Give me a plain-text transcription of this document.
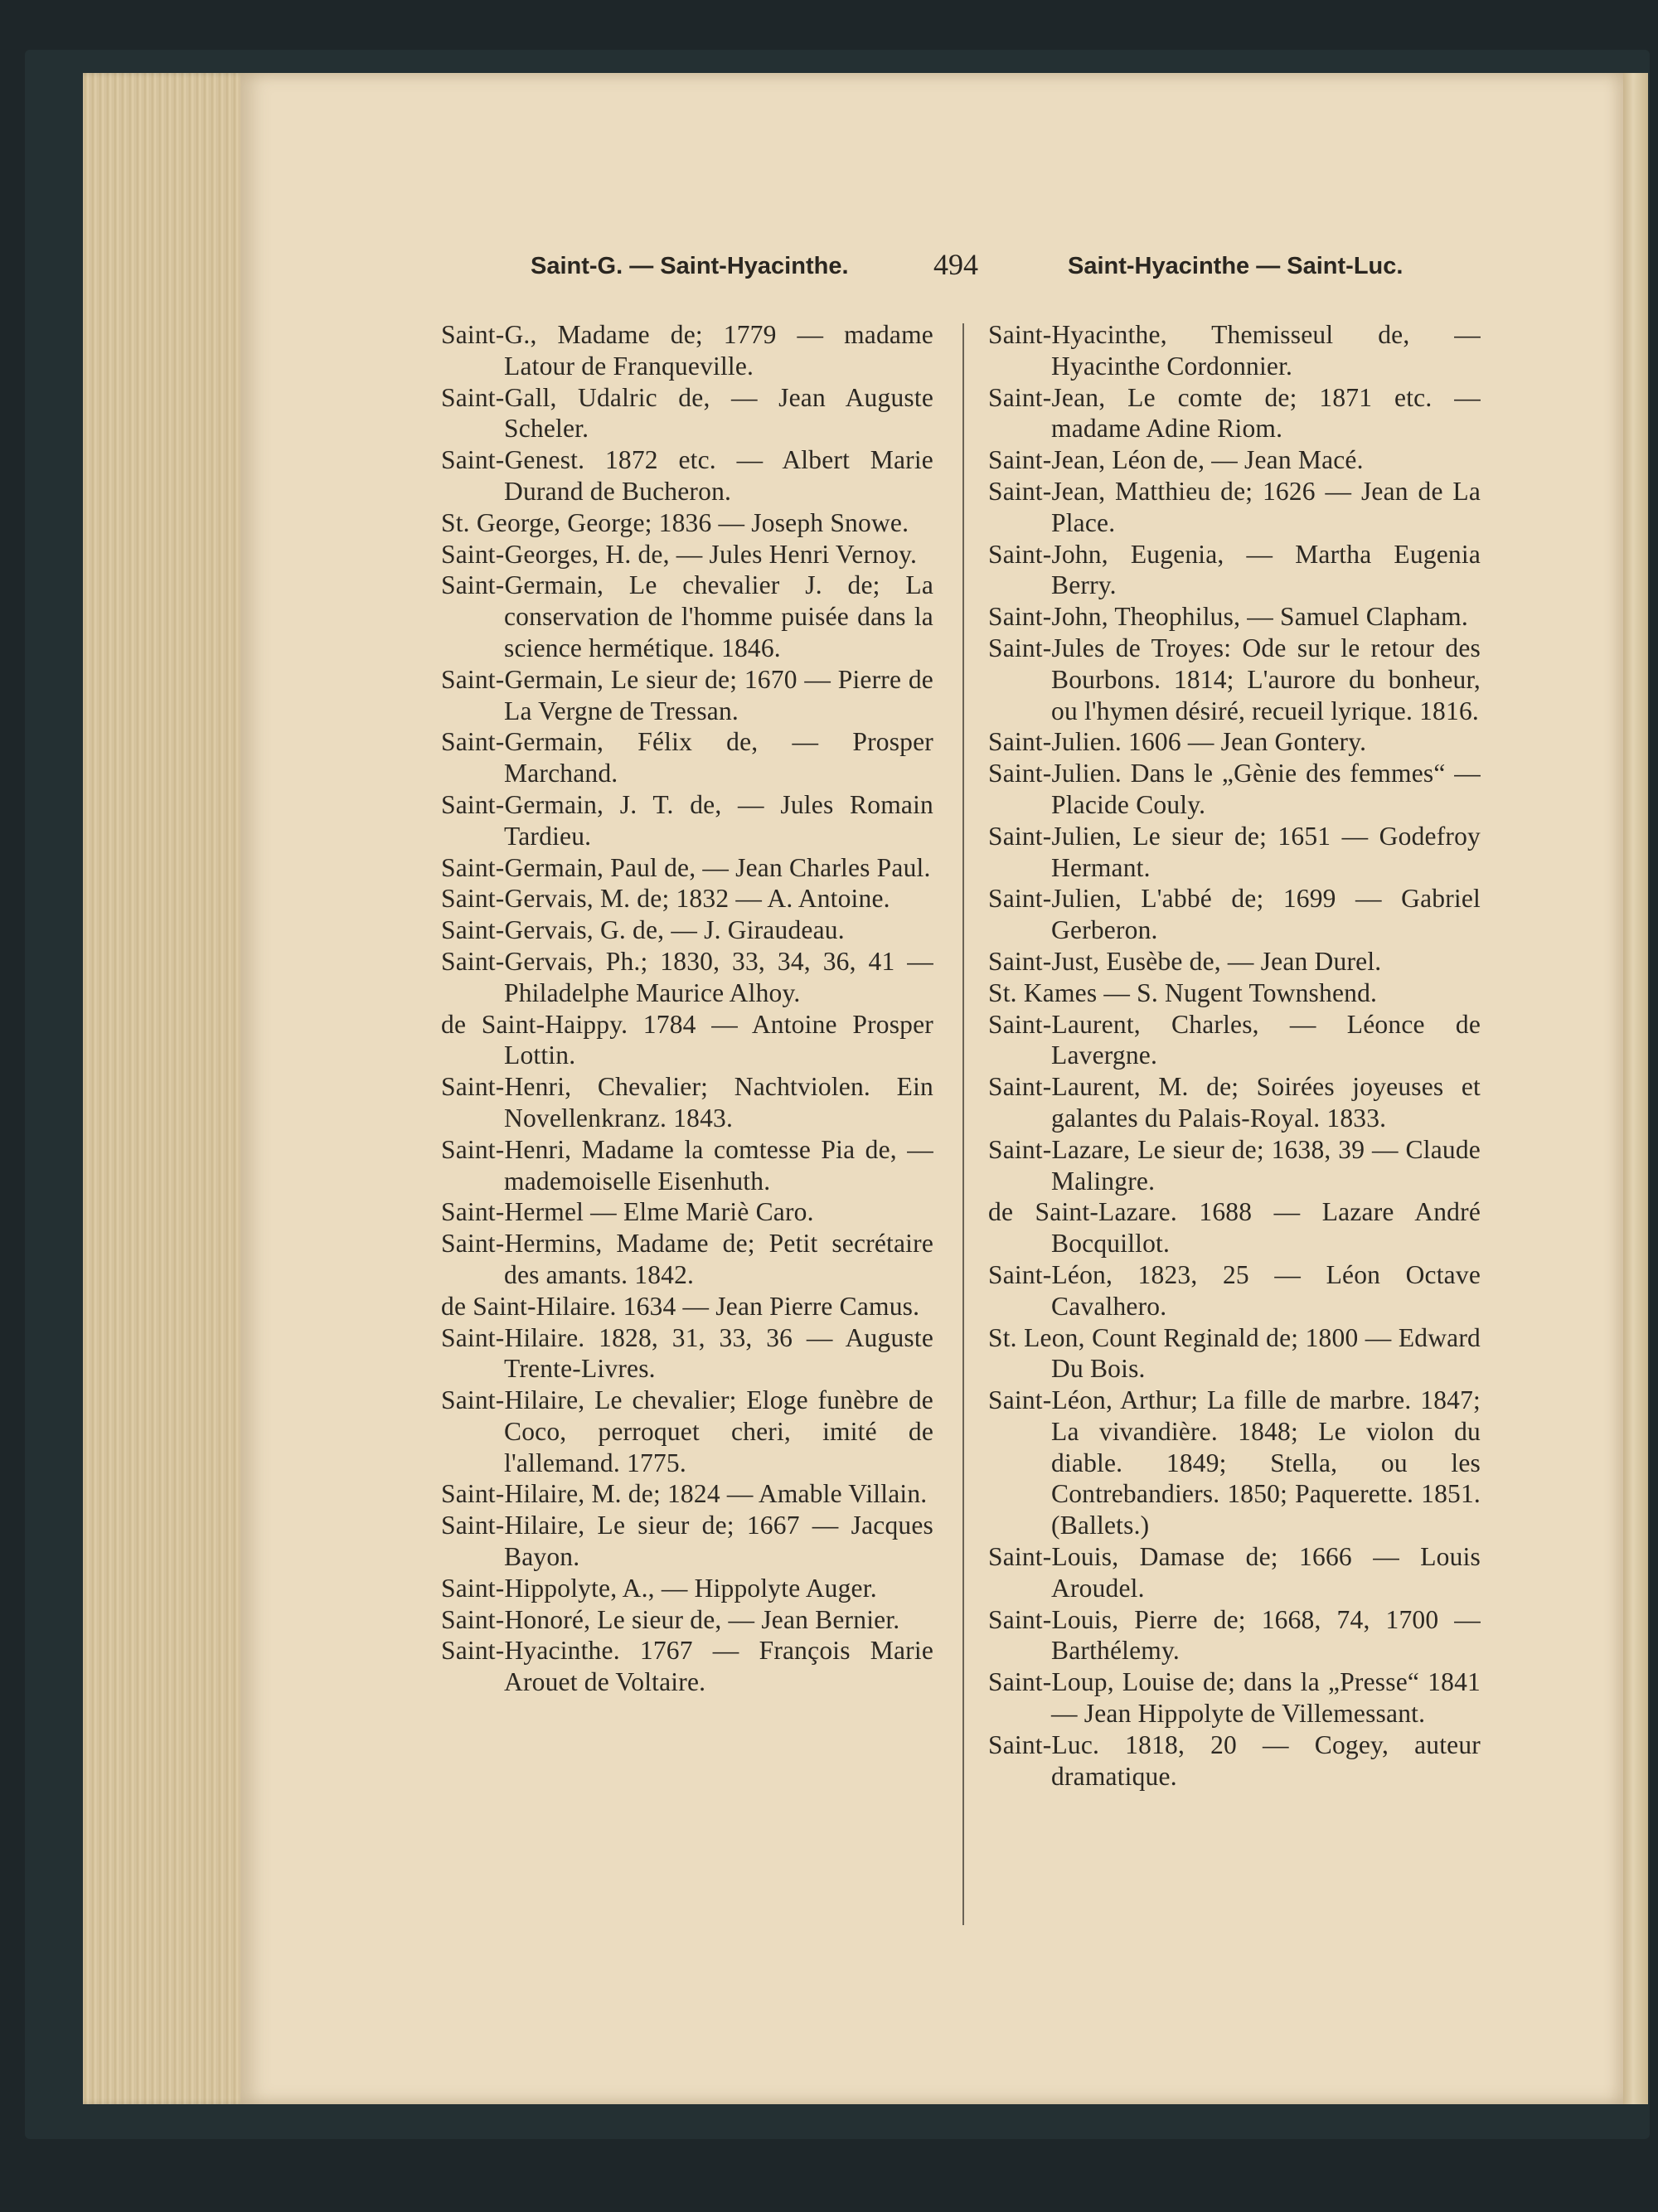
Saint-G. — Saint-Hyacinthe.	494	Saint-Hyacinthe — Saint-Luc.

Saint-G., Madame de; 1779 — madame Latour de Franqueville.

Saint-Gall, Udalric de, — Jean Auguste Scheler.

Saint-Genest. 1872 etc. — Albert Marie Durand de Bucheron.

St. George, George; 1836 — Joseph Snowe.

Saint-Georges, H. de, — Jules Henri Vernoy.

Saint-Germain, Le chevalier J. de; La conservation de l'homme puisée dans la science hermétique. 1846.

Saint-Germain, Le sieur de; 1670 — Pierre de La Vergne de Tressan.

Saint-Germain, Félix de, — Prosper Marchand.

Saint-Germain, J. T. de, — Jules Romain Tardieu.

Saint-Germain, Paul de, — Jean Charles Paul.

Saint-Gervais, M. de; 1832 — A. Antoine.

Saint-Gervais, G. de, — J. Giraudeau.

Saint-Gervais, Ph.; 1830, 33, 34, 36, 41 — Philadelphe Maurice Alhoy.

de Saint-Haippy. 1784 — Antoine Prosper Lottin.

Saint-Henri, Chevalier; Nachtviolen. Ein Novellenkranz. 1843.

Saint-Henri, Madame la comtesse Pia de, — mademoiselle Eisenhuth.

Saint-Hermel — Elme Mariè Caro.

Saint-Hermins, Madame de; Petit secrétaire des amants. 1842.

de Saint-Hilaire. 1634 — Jean Pierre Camus.

Saint-Hilaire. 1828, 31, 33, 36 — Auguste Trente-Livres.

Saint-Hilaire, Le chevalier; Eloge funèbre de Coco, perroquet cheri, imité de l'allemand. 1775.

Saint-Hilaire, M. de; 1824 — Amable Villain.

Saint-Hilaire, Le sieur de; 1667 — Jacques Bayon.

Saint-Hippolyte, A., — Hippolyte Auger.

Saint-Honoré, Le sieur de, — Jean Bernier.

Saint-Hyacinthe. 1767 — François Marie Arouet de Voltaire.

Saint-Hyacinthe, Themisseul de, — Hyacinthe Cordonnier.

Saint-Jean, Le comte de; 1871 etc. — madame Adine Riom.

Saint-Jean, Léon de, — Jean Macé.

Saint-Jean, Matthieu de; 1626 — Jean de La Place.

Saint-John, Eugenia, — Martha Eugenia Berry.

Saint-John, Theophilus, — Samuel Clapham.

Saint-Jules de Troyes: Ode sur le retour des Bourbons. 1814; L'aurore du bonheur, ou l'hymen désiré, recueil lyrique. 1816.

Saint-Julien. 1606 — Jean Gontery.

Saint-Julien. Dans le „Gènie des femmes“ — Placide Couly.

Saint-Julien, Le sieur de; 1651 — Godefroy Hermant.

Saint-Julien, L'abbé de; 1699 — Gabriel Gerberon.

Saint-Just, Eusèbe de, — Jean Durel.

St. Kames — S. Nugent Townshend.

Saint-Laurent, Charles, — Léonce de Lavergne.

Saint-Laurent, M. de; Soirées joyeuses et galantes du Palais-Royal. 1833.

Saint-Lazare, Le sieur de; 1638, 39 — Claude Malingre.

de Saint-Lazare. 1688 — Lazare André Bocquillot.

Saint-Léon, 1823, 25 — Léon Octave Cavalhero.

St. Leon, Count Reginald de; 1800 — Edward Du Bois.

Saint-Léon, Arthur; La fille de marbre. 1847; La vivandière. 1848; Le violon du diable. 1849; Stella, ou les Contrebandiers. 1850; Paquerette. 1851. (Ballets.)

Saint-Louis, Damase de; 1666 — Louis Aroudel.

Saint-Louis, Pierre de; 1668, 74, 1700 — Barthélemy.

Saint-Loup, Louise de; dans la „Presse“ 1841 — Jean Hippolyte de Villemessant.

Saint-Luc. 1818, 20 — Cogey, auteur dramatique.
